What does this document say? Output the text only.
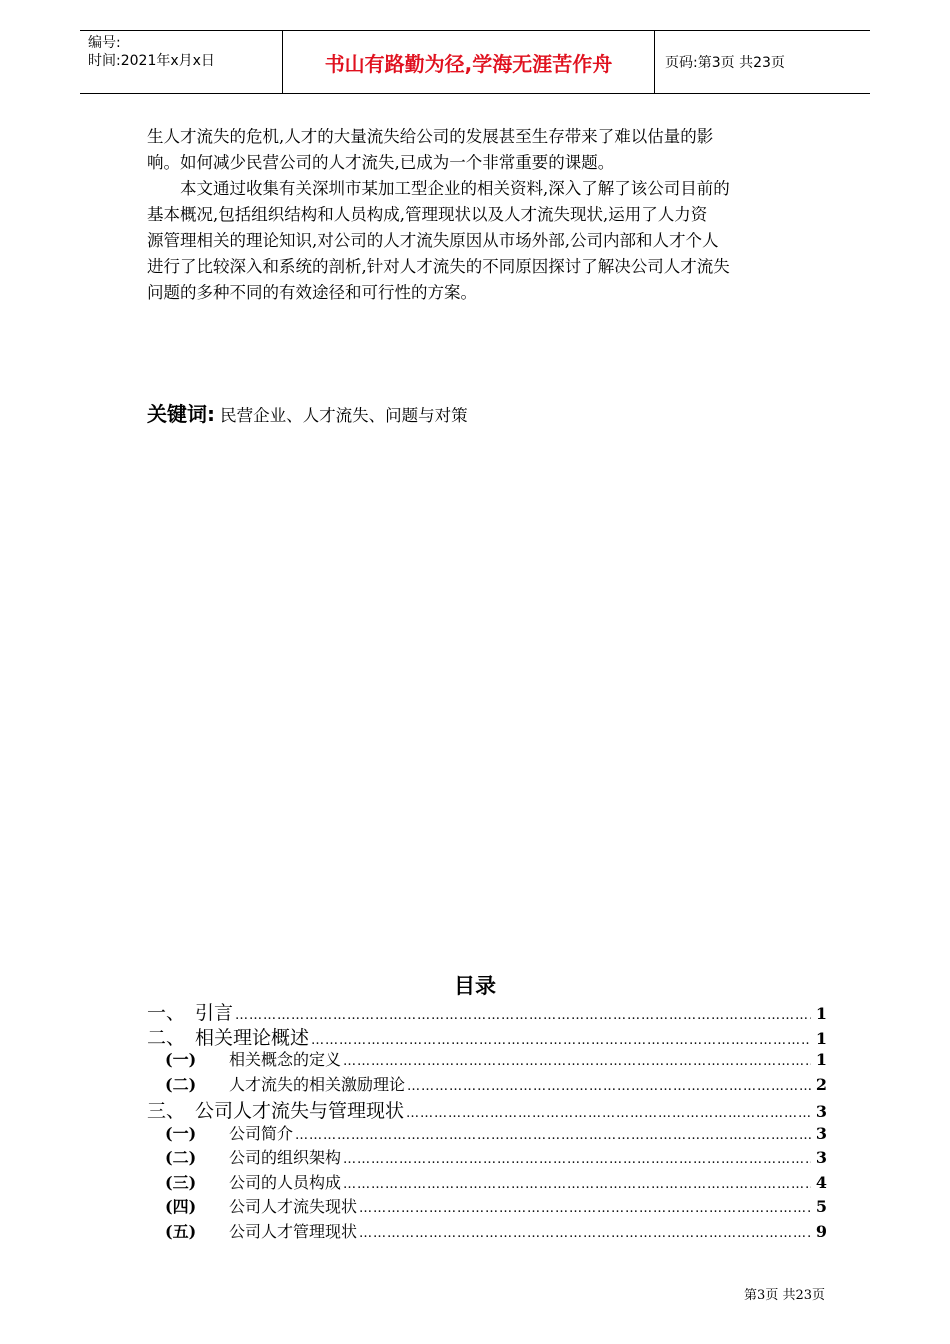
编号:
时间:2021年x月x日	书山有路勤为径,学海无涯苦作舟	页码:第3页 共23页
生人才流失的危机,人才的大量流失给公司的发展甚至生存带来了难以估量的影
响。如何减少民营公司的人才流失,已成为一个非常重要的课题。
本文通过收集有关深圳市某加工型企业的相关资料,深入了解了该公司目前的
基本概况,包括组织结构和人员构成,管理现状以及人才流失现状,运用了人力资
源管理相关的理论知识,对公司的人才流失原因从市场外部,公司内部和人才个人
进行了比较深入和系统的剖析,针对人才流失的不同原因探讨了解决公司人才流失
问题的多种不同的有效途径和可行性的方案。
关键词: 民营企业、人才流失、问题与对策
目录
一、 引言 ………………………………………………………………………………………………………………………………………………………………………	1
二、 相关理论概述 ………………………………………………………………………………………………………………………………………………………………………	1
(一)	相关概念的定义 ………………………………………………………………………………………………………………………………………………………………………	1
(二)	人才流失的相关激励理论 ………………………………………………………………………………………………………………………………………………………………………	2
三、 公司人才流失与管理现状 ………………………………………………………………………………………………………………………………………………………………………	3
(一)	公司简介 ………………………………………………………………………………………………………………………………………………………………………	3
(二)	公司的组织架构 ………………………………………………………………………………………………………………………………………………………………………	3
(三)	公司的人员构成 ………………………………………………………………………………………………………………………………………………………………………	4
(四)	公司人才流失现状 ………………………………………………………………………………………………………………………………………………………………………	5
(五)	公司人才管理现状 ………………………………………………………………………………………………………………………………………………………………………	9
第3页 共23页
